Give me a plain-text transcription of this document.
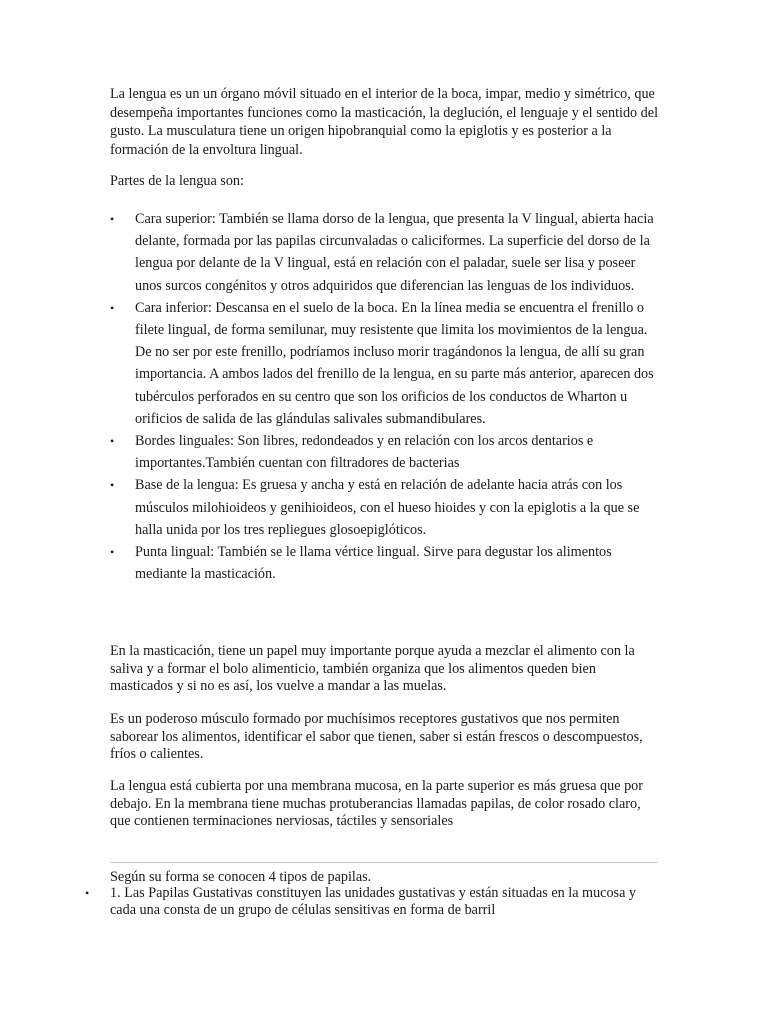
La lengua es un un órgano móvil situado en el interior de la boca, impar, medio y simétrico, que desempeña importantes funciones como la masticación, la deglución, el lenguaje y el sentido del gusto. La musculatura tiene un origen hipobranquial como la epiglotis y es posterior a la formación de la envoltura lingual.

Partes de la lengua son:

• Cara superior: También se llama dorso de la lengua, que presenta la V lingual, abierta hacia delante, formada por las papilas circunvaladas o caliciformes. La superficie del dorso de la lengua por delante de la V lingual, está en relación con el paladar, suele ser lisa y poseer unos surcos congénitos y otros adquiridos que diferencian las lenguas de los individuos.
• Cara inferior: Descansa en el suelo de la boca. En la línea media se encuentra el frenillo o filete lingual, de forma semilunar, muy resistente que limita los movimientos de la lengua. De no ser por este frenillo, podríamos incluso morir tragándonos la lengua, de allí su gran importancia. A ambos lados del frenillo de la lengua, en su parte más anterior, aparecen dos tubérculos perforados en su centro que son los orificios de los conductos de Wharton u orificios de salida de las glándulas salivales submandibulares.
• Bordes linguales: Son libres, redondeados y en relación con los arcos dentarios e importantes.También cuentan con filtradores de bacterias
• Base de la lengua: Es gruesa y ancha y está en relación de adelante hacia atrás con los músculos milohioideos y genihioideos, con el hueso hioides y con la epiglotis a la que se halla unida por los tres repliegues glosoepiglóticos.
• Punta lingual: También se le llama vértice lingual. Sirve para degustar los alimentos mediante la masticación.

En la masticación, tiene un papel muy importante porque ayuda a mezclar el alimento con la saliva y a formar el bolo alimenticio, también organiza que los alimentos queden bien masticados y si no es así, los vuelve a mandar a las muelas.

Es un poderoso músculo formado por muchísimos receptores gustativos que nos permiten saborear los alimentos, identificar el sabor que tienen, saber si están frescos o descompuestos, fríos o calientes.

La lengua está cubierta por una membrana mucosa, en la parte superior es más gruesa que por debajo. En la membrana tiene muchas protuberancias llamadas papilas, de color rosado claro, que contienen terminaciones nerviosas, táctiles y sensoriales

Según su forma se conocen 4 tipos de papilas.

• 1. Las Papilas Gustativas constituyen las unidades gustativas y están situadas en la mucosa y cada una consta de un grupo de células sensitivas en forma de barril
